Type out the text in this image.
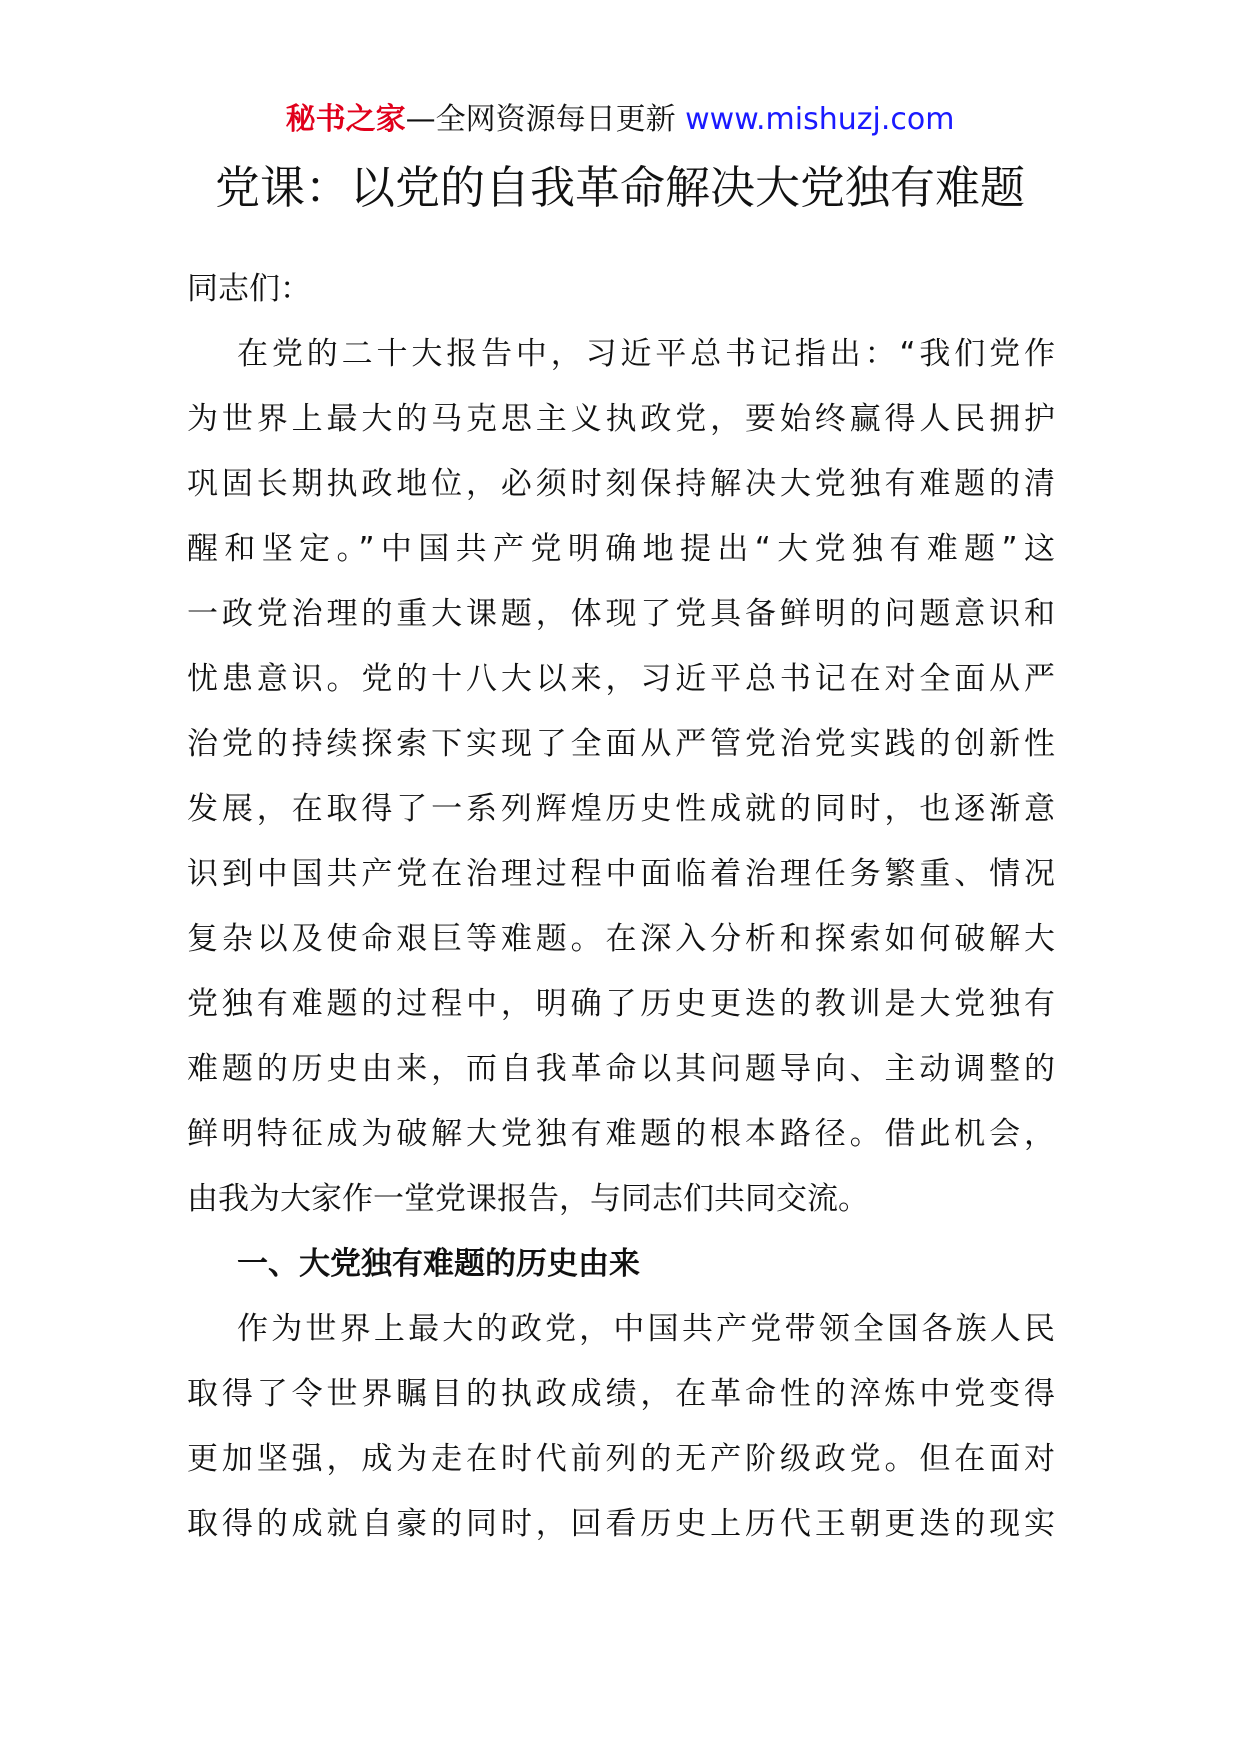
秘书之家—全网资源每日更新 www.mishuzj.com
党课：以党的自我革命解决大党独有难题
同志们：
在党的二十大报告中，习近平总书记指出：“我们党作
为世界上最大的马克思主义执政党，要始终赢得人民拥护
巩固长期执政地位，必须时刻保持解决大党独有难题的清
醒和坚定。”中国共产党明确地提出“大党独有难题”这
一政党治理的重大课题，体现了党具备鲜明的问题意识和
忧患意识。党的十八大以来，习近平总书记在对全面从严
治党的持续探索下实现了全面从严管党治党实践的创新性
发展，在取得了一系列辉煌历史性成就的同时，也逐渐意
识到中国共产党在治理过程中面临着治理任务繁重、情况
复杂以及使命艰巨等难题。在深入分析和探索如何破解大
党独有难题的过程中，明确了历史更迭的教训是大党独有
难题的历史由来，而自我革命以其问题导向、主动调整的
鲜明特征成为破解大党独有难题的根本路径。借此机会，
由我为大家作一堂党课报告，与同志们共同交流。
一、大党独有难题的历史由来
作为世界上最大的政党，中国共产党带领全国各族人民
取得了令世界瞩目的执政成绩，在革命性的淬炼中党变得
更加坚强，成为走在时代前列的无产阶级政党。但在面对
取得的成就自豪的同时，回看历史上历代王朝更迭的现实
